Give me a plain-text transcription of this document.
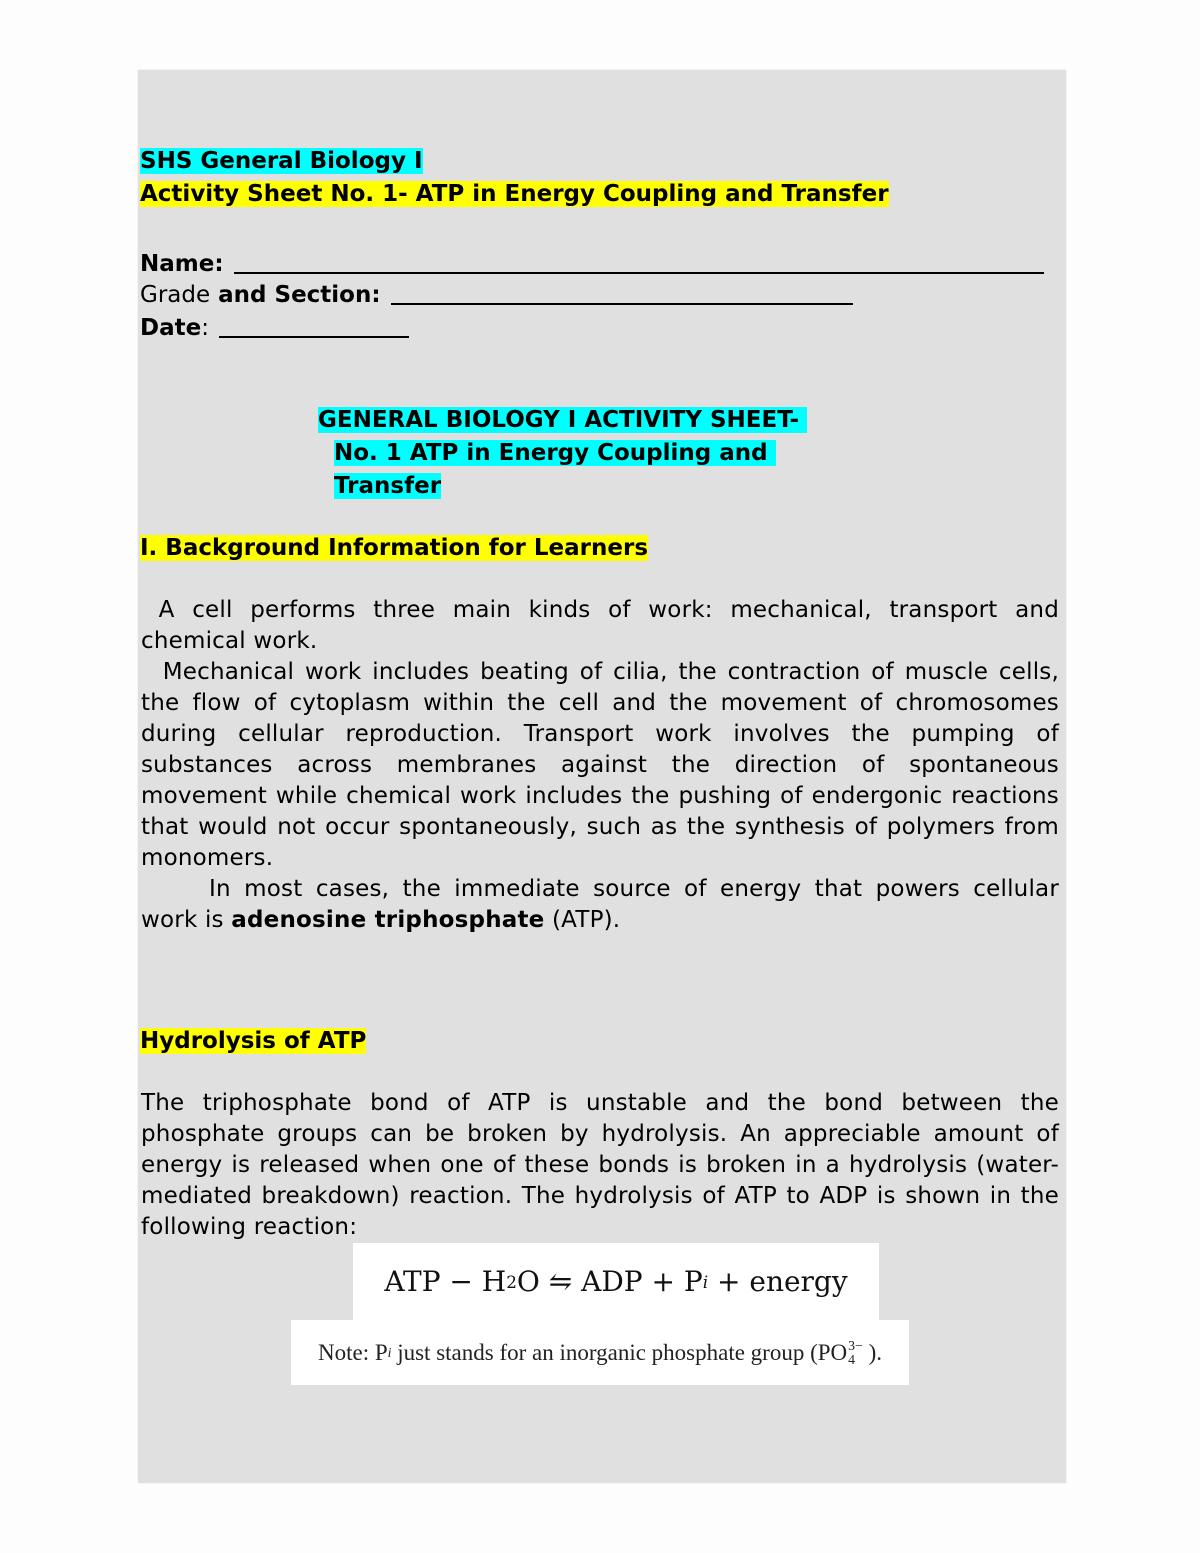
SHS General Biology I
Activity Sheet No. 1- ATP in Energy Coupling and Transfer
Name:
Grade and Section:
Date :
GENERAL BIOLOGY I ACTIVITY SHEET-
No. 1 ATP in Energy Coupling and
Transfer
I. Background Information for Learners

A cell performs three main kinds of work: mechanical, transport and chemical work.

Mechanical work includes beating of cilia, the contraction of muscle cells, the flow of cytoplasm within the cell and the movement of chromosomes during cellular reproduction. Transport work involves the pumping of substances across membranes against the direction of spontaneous movement while chemical work includes the pushing of endergonic reactions that would not occur spontaneously, such as the synthesis of polymers from monomers.

In most cases, the immediate source of energy that powers cellular work is adenosine triphosphate (ATP).

Hydrolysis of ATP

The triphosphate bond of ATP is unstable and the bond between the phosphate groups can be broken by hydrolysis. An appreciable amount of energy is released when one of these bonds is broken in a hydrolysis (water-mediated breakdown) reaction. The hydrolysis of ATP to ADP is shown in the following reaction:

ATP − H 2 O ⇋ ADP + P i + energy
Note: P i just stands for an inorganic phosphate group (PO 3−
4 ).
